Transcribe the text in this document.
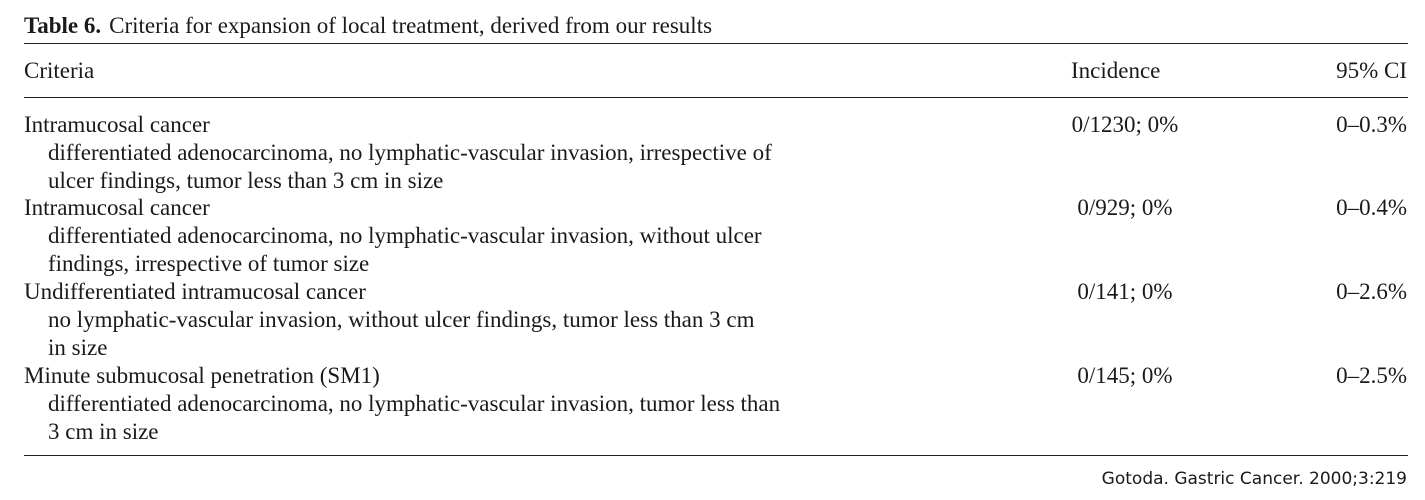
Table 6. Criteria for expansion of local treatment, derived from our results
Criteria	Incidence	95% CI
Intramucosal cancer
differentiated adenocarcinoma, no lymphatic-vascular invasion, irrespective of
ulcer findings, tumor less than 3 cm in size
0/1230; 0%	0–0.3%
Intramucosal cancer
differentiated adenocarcinoma, no lymphatic-vascular invasion, without ulcer
findings, irrespective of tumor size
0/929; 0%	0–0.4%
Undifferentiated intramucosal cancer
no lymphatic-vascular invasion, without ulcer findings, tumor less than 3 cm
in size
0/141; 0%	0–2.6%
Minute submucosal penetration (SM1)
differentiated adenocarcinoma, no lymphatic-vascular invasion, tumor less than
3 cm in size
0/145; 0%	0–2.5%
Gotoda. Gastric Cancer. 2000;3:219
